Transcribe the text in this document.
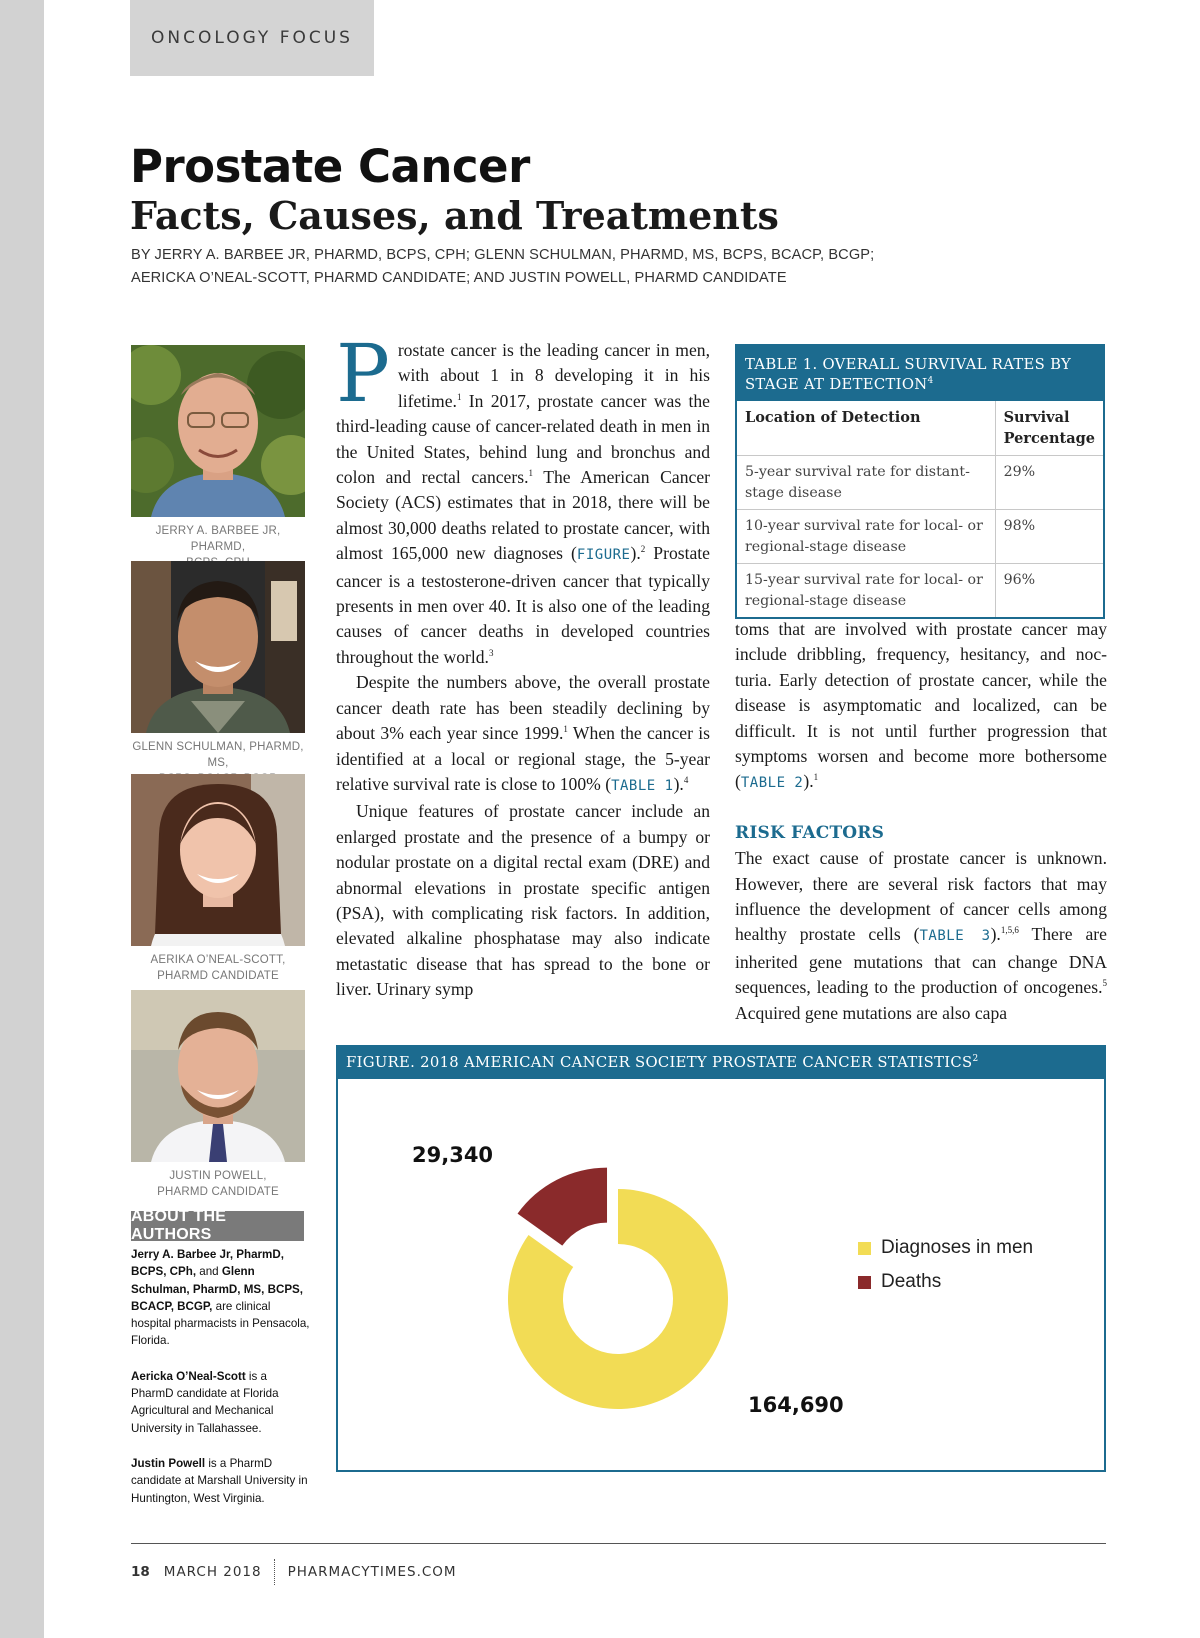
ONCOLOGY FOCUS
Prostate Cancer
Facts, Causes, and Treatments
BY JERRY A. BARBEE JR, PHARMD, BCPS, CPH; GLENN SCHULMAN, PHARMD, MS, BCPS, BCACP, BCGP;
AERICKA O’NEAL-SCOTT, PHARMD CANDIDATE; AND JUSTIN POWELL, PHARMD CANDIDATE
JERRY A. BARBEE JR, PHARMD,
GLENN SCHULMAN, PHARMD, MS,
AERIKA O’NEAL-SCOTT,
PHARMD CANDIDATE
JUSTIN POWELL,
PHARMD CANDIDATE
ABOUT THE AUTHORS

Jerry A. Barbee Jr, PharmD, BCPS, CPh, and Glenn Schulman, PharmD, MS, BCPS, BCACP, BCGP, are clinical hospital pharmacists in Pensacola, Florida.

Aericka O’Neal-Scott is a PharmD candidate at Florida Agricultural and Mechanical University in Tallahassee.

Justin Powell is a PharmD candidate at Marshall University in Huntington, West Virginia.

Prostate cancer is the leading cancer in men, with about 1 in 8 developing it in his lifetime.$^1$ In 2017, prostate cancer was the third-leading cause of cancer-related death in men in the United States, behind lung and bronchus and colon and rectal cancers.$^1$ The American Cancer Society (ACS) estimates that in 2018, there will be almost 30,000 deaths related to prostate cancer, with almost 165,000 new diagnoses (FIGURE).$^2$ Prostate cancer is a testosterone-driven cancer that typically presents in men over 40. It is also one of the leading causes of cancer deaths in developed countries throughout the world.$^3$

Despite the numbers above, the overall prostate cancer death rate has been steadily declining by about 3% each year since 1999.$^1$ When the cancer is identified at a local or regional stage, the 5-year relative survival rate is close to 100% (TABLE 1).$^4$

Unique features of prostate cancer include an enlarged prostate and the presence of a bumpy or nodular prostate on a digital rectal exam (DRE) and abnormal elevations in prostate specific antigen (PSA), with complicating risk factors. In addition, elevated alkaline phosphatase may also indicate metastatic disease that has spread to the bone or liver. Urinary symp

TABLE 1. OVERALL SURVIVAL RATES BY STAGE AT DETECTION$^4$
Location of Detection	Survival Percentage
5-year survival rate for distant-stage disease	29%
10-year survival rate for local- or regional-stage disease	98%
15-year survival rate for local- or regional-stage disease	96%

toms that are involved with prostate cancer may include dribbling, frequency, hesitancy, and nocturia. Early detection of prostate cancer, while the disease is asymptomatic and localized, can be difficult. It is not until further progression that symptoms worsen and become more bothersome (TABLE 2).$^1$

RISK FACTORS

The exact cause of prostate cancer is unknown. However, there are several risk factors that may influence the development of cancer cells among healthy prostate cells (TABLE 3).$^{1,5,6}$ There are inherited gene mutations that can change DNA sequences, leading to the production of oncogenes.$^5$ Acquired gene mutations are also capa

FIGURE. 2018 AMERICAN CANCER SOCIETY PROSTATE CANCER STATISTICS$^2$
29,340
164,690
Diagnoses in men
Deaths
18 MARCH 2018 PHARMACYTIMES.COM
